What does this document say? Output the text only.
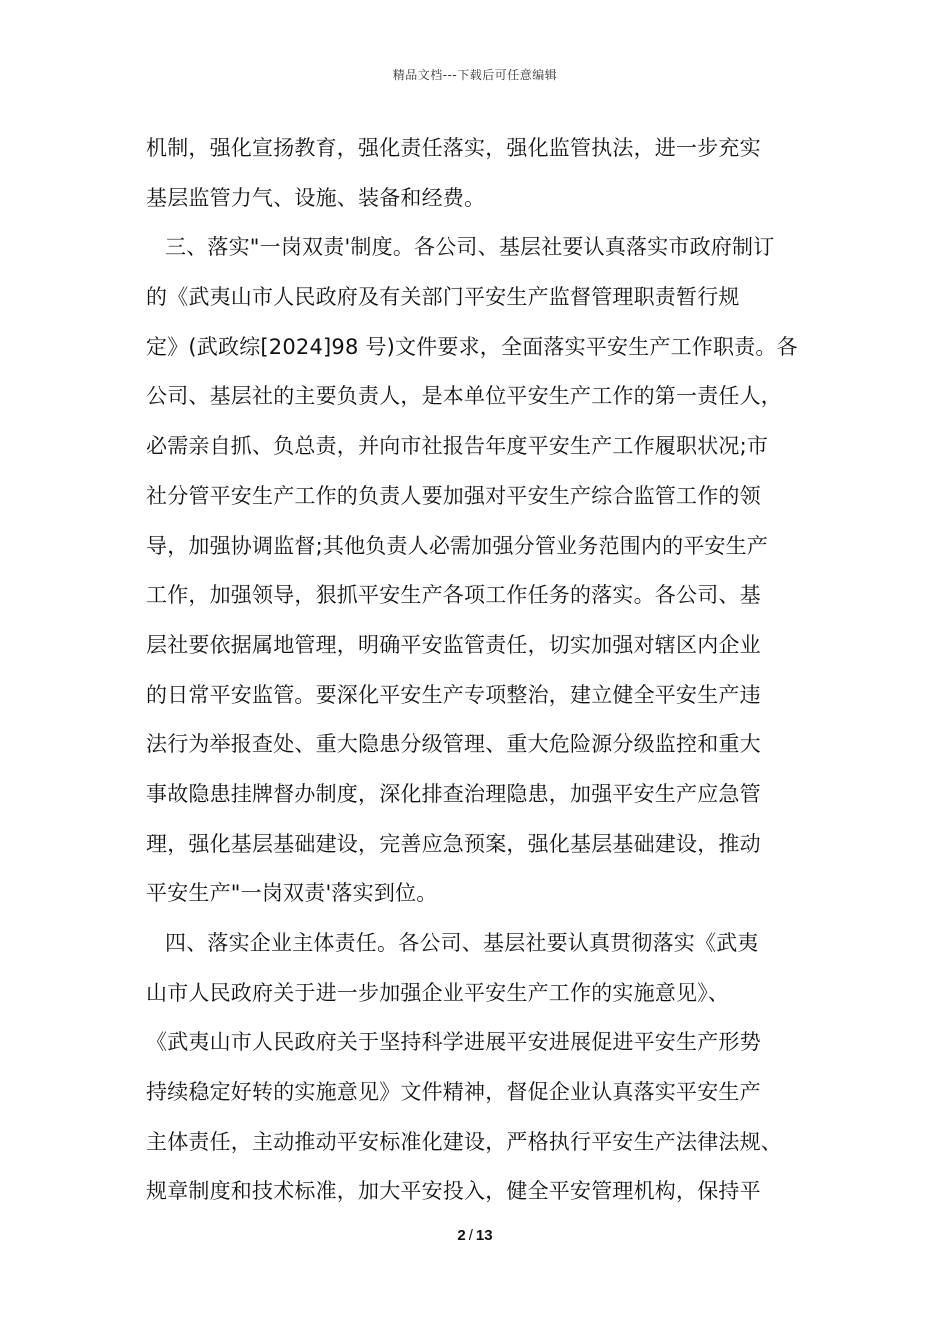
精品文档---下载后可任意编辑
机制，强化宣扬教育，强化责任落实，强化监管执法，进一步充实
基层监管力气、设施、装备和经费。
三、落实"一岗双责'制度。各公司、基层社要认真落实市政府制订
的《武夷山市人民政府及有关部门平安生产监督管理职责暂行规
定》(武政综[2024]98 号)文件要求，全面落实平安生产工作职责。各
公司、基层社的主要负责人，是本单位平安生产工作的第一责任人，
必需亲自抓、负总责，并向市社报告年度平安生产工作履职状况;市
社分管平安生产工作的负责人要加强对平安生产综合监管工作的领
导，加强协调监督;其他负责人必需加强分管业务范围内的平安生产
工作，加强领导，狠抓平安生产各项工作任务的落实。各公司、基
层社要依据属地管理，明确平安监管责任，切实加强对辖区内企业
的日常平安监管。要深化平安生产专项整治，建立健全平安生产违
法行为举报查处、重大隐患分级管理、重大危险源分级监控和重大
事故隐患挂牌督办制度，深化排查治理隐患，加强平安生产应急管
理，强化基层基础建设，完善应急预案，强化基层基础建设，推动
平安生产"一岗双责'落实到位。
四、落实企业主体责任。各公司、基层社要认真贯彻落实《武夷
山市人民政府关于进一步加强企业平安生产工作的实施意见》、
《武夷山市人民政府关于坚持科学进展平安进展促进平安生产形势
持续稳定好转的实施意见》文件精神，督促企业认真落实平安生产
主体责任，主动推动平安标准化建设，严格执行平安生产法律法规、
规章制度和技术标准，加大平安投入，健全平安管理机构，保持平
2 / 13
